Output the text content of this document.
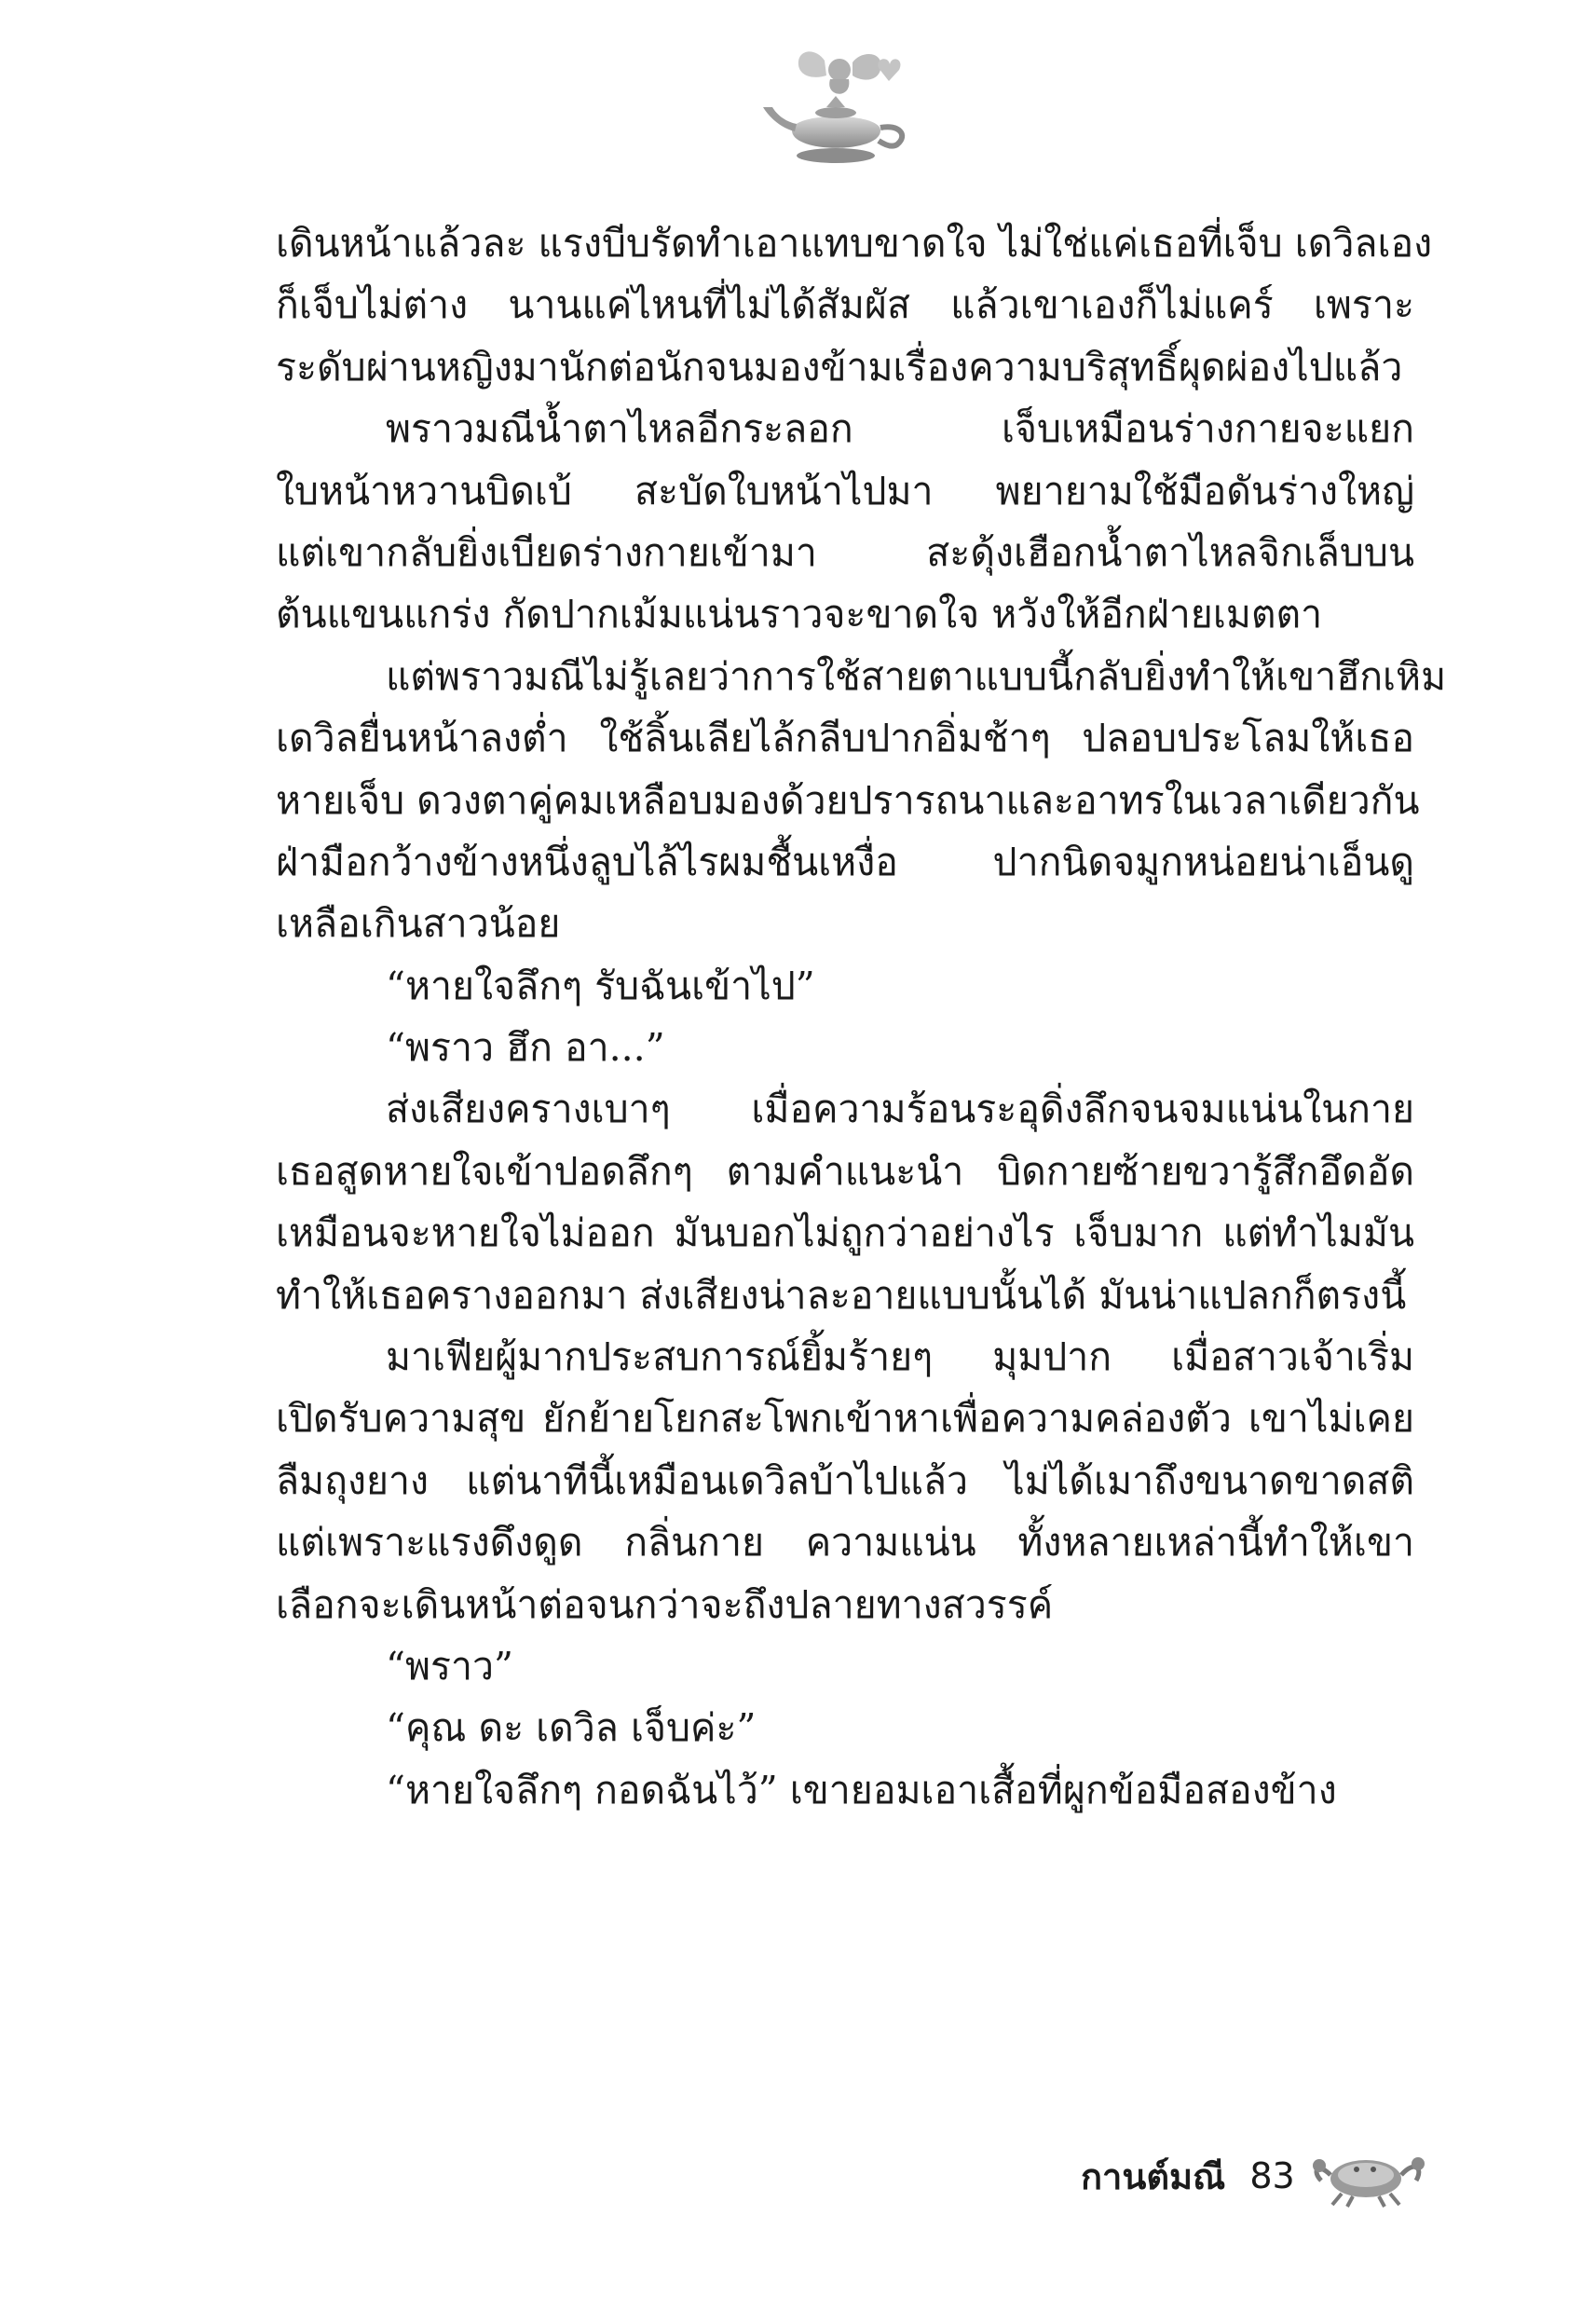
เดินหน้าแล้วละ แรงบีบรัดทำเอาแทบขาดใจ ไม่ใช่แค่เธอที่เจ็บ เดวิลเอง
ก็เจ็บไม่ต่าง นานแค่ไหนที่ไม่ได้สัมผัส แล้วเขาเองก็ไม่แคร์ เพราะ
ระดับผ่านหญิงมานักต่อนักจนมองข้ามเรื่องความบริสุทธิ์ผุดผ่องไปแล้ว
พราวมณีน้ำตาไหลอีกระลอก เจ็บเหมือนร่างกายจะแยก
ใบหน้าหวานบิดเบ้ สะบัดใบหน้าไปมา พยายามใช้มือดันร่างใหญ่
แต่เขากลับยิ่งเบียดร่างกายเข้ามา สะดุ้งเฮือกน้ำตาไหลจิกเล็บบน
ต้นแขนแกร่ง กัดปากเม้มแน่นราวจะขาดใจ หวังให้อีกฝ่ายเมตตา
แต่พราวมณีไม่รู้เลยว่าการใช้สายตาแบบนี้กลับยิ่งทำให้เขาฮึกเหิม
เดวิลยื่นหน้าลงต่ำ ใช้ลิ้นเลียไล้กลีบปากอิ่มช้าๆ ปลอบประโลมให้เธอ
หายเจ็บ ดวงตาคู่คมเหลือบมองด้วยปรารถนาและอาทรในเวลาเดียวกัน
ฝ่ามือกว้างข้างหนึ่งลูบไล้ไรผมชื้นเหงื่อ ปากนิดจมูกหน่อยน่าเอ็นดู
เหลือเกินสาวน้อย
“หายใจลึกๆ รับฉันเข้าไป”
“พราว ฮึก อา...”
ส่งเสียงครางเบาๆ เมื่อความร้อนระอุดิ่งลึกจนจมแน่นในกาย
เธอสูดหายใจเข้าปอดลึกๆ ตามคำแนะนำ บิดกายซ้ายขวารู้สึกอึดอัด
เหมือนจะหายใจไม่ออก มันบอกไม่ถูกว่าอย่างไร เจ็บมาก แต่ทำไมมัน
ทำให้เธอครางออกมา ส่งเสียงน่าละอายแบบนั้นได้ มันน่าแปลกก็ตรงนี้
มาเฟียผู้มากประสบการณ์ยิ้มร้ายๆ มุมปาก เมื่อสาวเจ้าเริ่ม
เปิดรับความสุข ยักย้ายโยกสะโพกเข้าหาเพื่อความคล่องตัว เขาไม่เคย
ลืมถุงยาง แต่นาทีนี้เหมือนเดวิลบ้าไปแล้ว ไม่ได้เมาถึงขนาดขาดสติ
แต่เพราะแรงดึงดูด กลิ่นกาย ความแน่น ทั้งหลายเหล่านี้ทำให้เขา
เลือกจะเดินหน้าต่อจนกว่าจะถึงปลายทางสวรรค์
“พราว”
“คุณ ดะ เดวิล เจ็บค่ะ”
“หายใจลึกๆ กอดฉันไว้” เขายอมเอาเสื้อที่ผูกข้อมือสองข้าง
กานต์มณี 83
